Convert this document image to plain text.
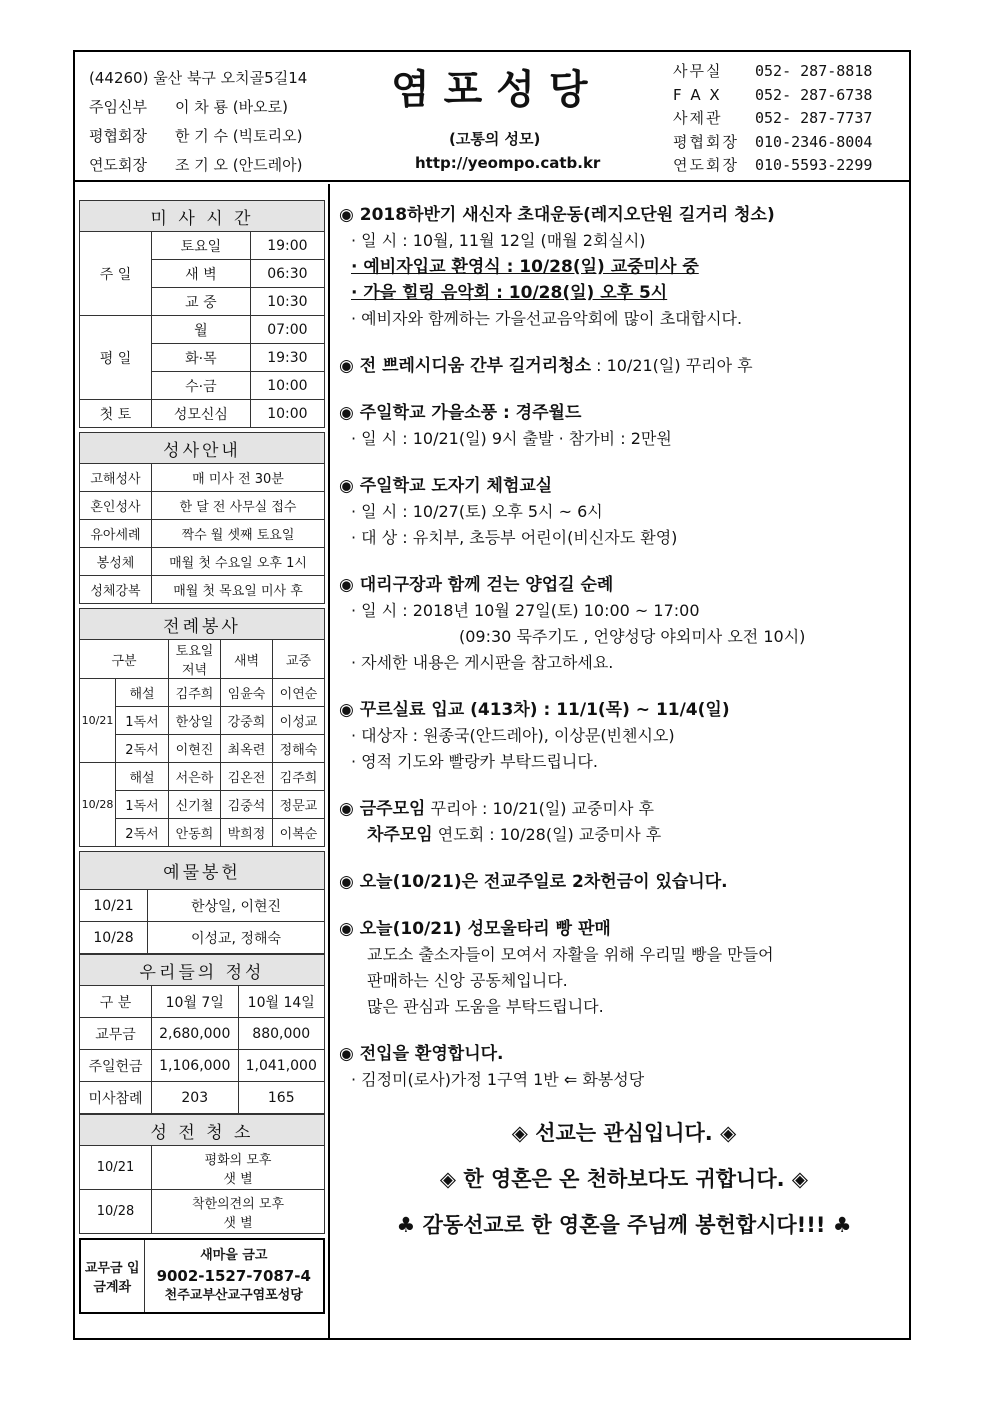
(44260) 울산 북구 오치골5길14
주임신부 이 차 룡 (바오로)
평협회장 한 기 수 (빅토리오)
연도회장 조 기 오 (안드레아)
염포성당
(고통의 성모)
http://yeompo.catb.kr
사무실 052- 287-8818
F A X 052- 287-6738
사제관 052- 287-7737
평협회장 010-2346-8004
연도회장 010-5593-2299
미 사 시 간		
주 일	토요일	19:00
	새 벽	06:30
	교 중	10:30
평 일	월	07:00
	화·목	19:30
	수·금	10:00
첫 토	성모신심	10:00
성사안내	
고해성사	매 미사 전 30분
혼인성사	한 달 전 사무실 접수
유아세례	짝수 월 셋째 토요일
봉성체	매월 첫 수요일 오후 1시
성체강복	매월 첫 목요일 미사 후
전례봉사				
구분		토요일 저녁	새벽	교중
10/21	해설	김주희	임윤숙	이연순
	1독서	한상일	강중희	이성교
	2독서	이현진	최옥련	정해숙
10/28	해설	서은하	김온전	김주희
	1독서	신기철	김중석	정문교
	2독서	안동희	박희정	이복순
예물봉헌	
10/21	한상일, 이현진
10/28	이성교, 정해숙
우리들의 정성		
구 분	10월 7일	10월 14일
교무금	2,680,000	880,000
주일헌금	1,106,000	1,041,000
미사참례	203	165
성 전 청 소	
10/21	평화의 모후
샛 별

10/28	착한의견의 모후
샛 별
교무금 입금계좌	
새마을 금고
9002-1527-7087-4
천주교부산교구염포성당
◉ 2018하반기 새신자 초대운동(레지오단원 길거리 청소)
· 일 시 : 10월, 11월 12일 (매월 2회실시)
· 예비자입교 환영식 : 10/28(일) 교중미사 중
· 가을 힐링 음악회 : 10/28(일) 오후 5시
· 예비자와 함께하는 가을선교음악회에 많이 초대합시다.
◉ 전 쁘레시디움 간부 길거리청소 : 10/21(일) 꾸리아 후
◉ 주일학교 가을소풍 : 경주월드
· 일 시 : 10/21(일) 9시 출발 · 참가비 : 2만원
◉ 주일학교 도자기 체험교실
· 일 시 : 10/27(토) 오후 5시 ~ 6시
· 대 상 : 유치부, 초등부 어린이(비신자도 환영)
◉ 대리구장과 함께 걷는 양업길 순례
· 일 시 : 2018년 10월 27일(토) 10:00 ~ 17:00
(09:30 묵주기도 , 언양성당 야외미사 오전 10시)
· 자세한 내용은 게시판을 참고하세요.
◉ 꾸르실료 입교 (413차) : 11/1(목) ~ 11/4(일)
· 대상자 : 원종국(안드레아), 이상문(빈첸시오)
· 영적 기도와 빨랑카 부탁드립니다.
◉ 금주모임 꾸리아 : 10/21(일) 교중미사 후
차주모임 연도회 : 10/28(일) 교중미사 후
◉ 오늘(10/21)은 전교주일로 2차헌금이 있습니다.
◉ 오늘(10/21) 성모울타리 빵 판매
교도소 출소자들이 모여서 자활을 위해 우리밀 빵을 만들어
판매하는 신앙 공동체입니다.
많은 관심과 도움을 부탁드립니다.
◉ 전입을 환영합니다.
· 김정미(로사)가정 1구역 1반 ⇐ 화봉성당
◈ 선교는 관심입니다. ◈
◈ 한 영혼은 온 천하보다도 귀합니다. ◈
♣ 감동선교로 한 영혼을 주님께 봉헌합시다!!! ♣
